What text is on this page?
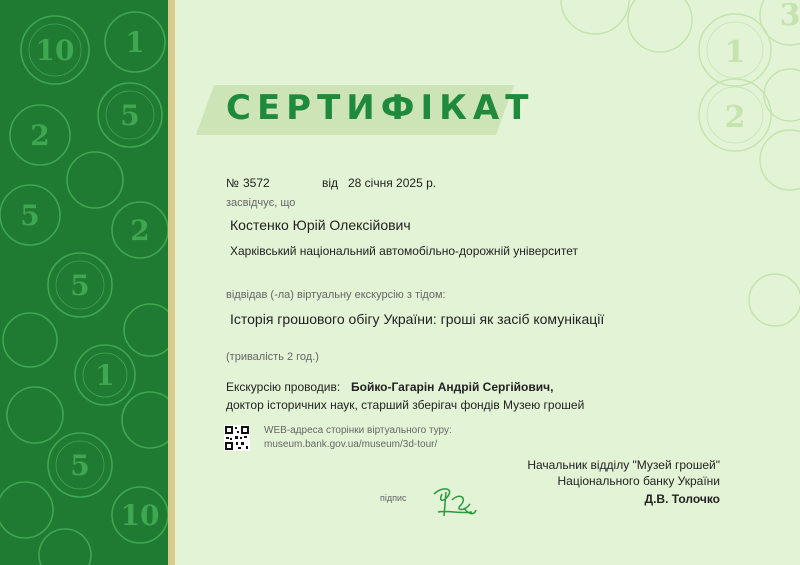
10 1
2
5
5	2
5
1
5
10
1
2
3
СЕРТИФІКАТ
№ 3572	від 28 січня 2025 р.
засвідчує, що
Костенко Юрій Олексійович
Харківський національний автомобільно-дорожній університет
відвідав (-ла) віртуальну екскурсію з тідом:
Історія грошового обігу України: гроші як засіб комунікації
(тривалість 2 год.)
Екскурсію проводив: Бойко-Гагарін Андрій Сергійович,
доктор історичних наук, старший зберігач фондів Музею грошей
WEB-адреса сторінки віртуального туру:
museum.bank.gov.ua/museum/3d-tour/
підпис
Начальник відділу "Музей грошей"
Національного банку України
Д.В. Толочко
